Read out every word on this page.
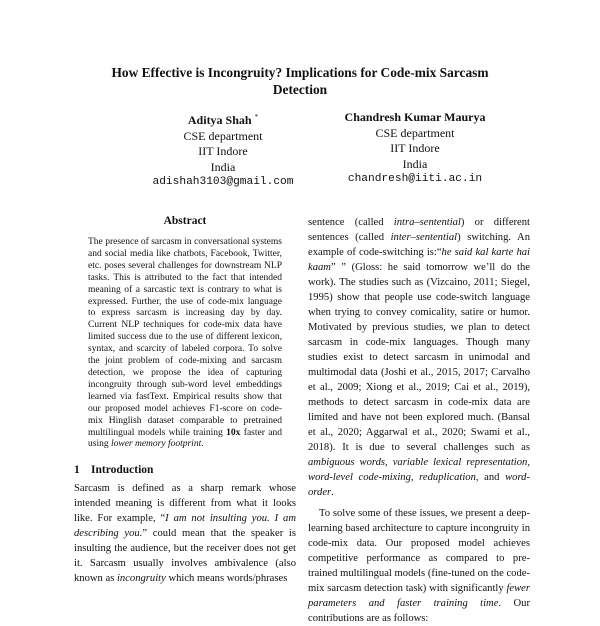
How Effective is Incongruity? Implications for Code-mix Sarcasm
Detection
Aditya Shah *
CSE department
IIT Indore
India
adishah3103@gmail.com
Chandresh Kumar Maurya
CSE department
IIT Indore
India
chandresh@iiti.ac.in
Abstract

The presence of sarcasm in conversational systems and social media like chatbots, Facebook, Twitter, etc. poses several challenges for downstream NLP tasks. This is attributed to the fact that intended meaning of a sarcastic text is contrary to what is expressed. Further, the use of code-mix language to express sarcasm is increasing day by day. Current NLP techniques for code-mix data have limited success due to the use of different lexicon, syntax, and scarcity of labeled corpora. To solve the joint problem of code-mixing and sarcasm detection, we propose the idea of capturing incongruity through sub-word level embeddings learned via fastText. Empirical results show that our proposed model achieves F1-score on code-mix Hinglish dataset comparable to pretrained multilingual models while training 10x faster and using lower memory footprint.

1 Introduction

Sarcasm is defined as a sharp remark whose intended meaning is different from what it looks like. For example, “I am not insulting you. I am describing you.” could mean that the speaker is insulting the audience, but the receiver does not get it. Sarcasm usually involves ambivalence (also known as incongruity which means words/phrases

sentence (called intra–sentential) or different sentences (called inter–sentential) switching. An example of code-switching is:“he said kal karte hai kaam” ” (Gloss: he said tomorrow we’ll do the work). The studies such as (Vizcaino, 2011; Siegel, 1995) show that people use code-switch language when trying to convey comicality, satire or humor. Motivated by previous studies, we plan to detect sarcasm in code-mix languages. Though many studies exist to detect sarcasm in unimodal and multimodal data (Joshi et al., 2015, 2017; Carvalho et al., 2009; Xiong et al., 2019; Cai et al., 2019), methods to detect sarcasm in code-mix data are limited and have not been explored much. (Bansal et al., 2020; Aggarwal et al., 2020; Swami et al., 2018). It is due to several challenges such as ambiguous words, variable lexical representation, word-level code-mixing, reduplication, and word-order.

To solve some of these issues, we present a deep-learning based architecture to capture incongruity in code-mix data. Our proposed model achieves competitive performance as compared to pre-trained multilingual models (fine-tuned on the code-mix sarcasm detection task) with significantly fewer parameters and faster training time. Our contributions are as follows:
